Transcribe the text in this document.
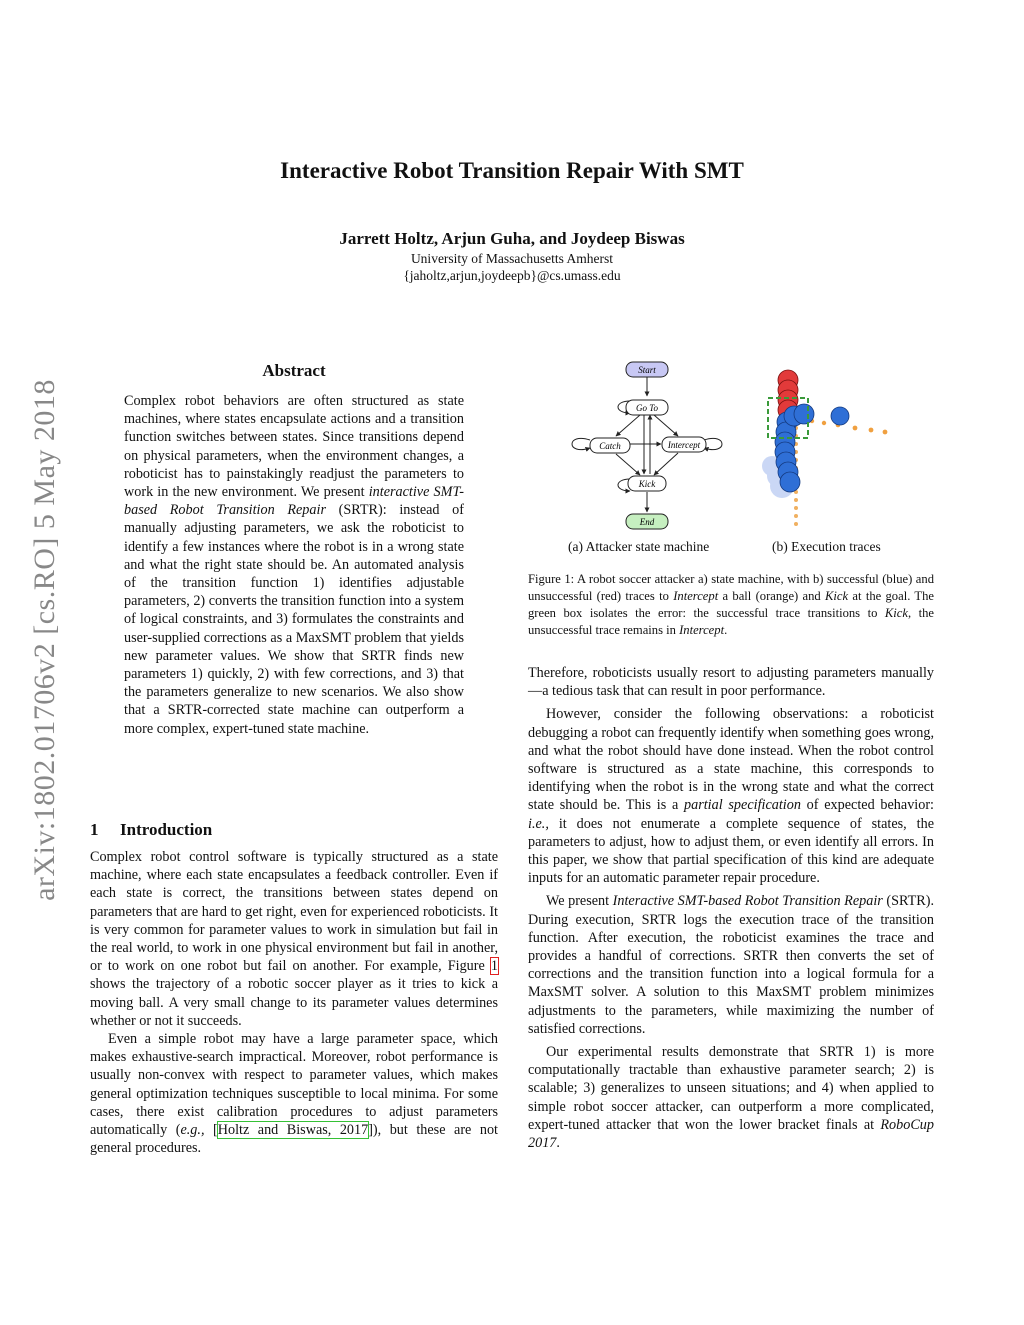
arXiv:1802.01706v2 [cs.RO] 5 May 2018
Interactive Robot Transition Repair With SMT
Jarrett Holtz, Arjun Guha, and Joydeep Biswas
University of Massachusetts Amherst
{jaholtz,arjun,joydeepb}@cs.umass.edu
Abstract
Complex robot behaviors are often structured as state machines, where states encapsulate actions and a transition function switches between states. Since transitions depend on physical parameters, when the environment changes, a roboticist has to painstakingly readjust the parameters to work in the new environment. We present interactive SMT-based Robot Transition Repair (SRTR): instead of manually adjusting parameters, we ask the roboticist to identify a few instances where the robot is in a wrong state and what the right state should be. An automated analysis of the transition function 1) identifies adjustable parameters, 2) converts the transition function into a system of logical constraints, and 3) formulates the constraints and user-supplied corrections as a MaxSMT problem that yields new parameter values. We show that SRTR finds new parameters 1) quickly, 2) with few corrections, and 3) that the parameters generalize to new scenarios. We also show that a SRTR-corrected state machine can outperform a more complex, expert-tuned state machine.
1 Introduction

Complex robot control software is typically structured as a state machine, where each state encapsulates a feedback controller. Even if each state is correct, the transitions between states depend on parameters that are hard to get right, even for experienced roboticists. It is very common for parameter values to work in simulation but fail in the real world, to work in one physical environment but fail in another, or to work on one robot but fail on another. For example, Figure 1 shows the trajectory of a robotic soccer player as it tries to kick a moving ball. A very small change to its parameter values determines whether or not it succeeds.

Even a simple robot may have a large parameter space, which makes exhaustive-search impractical. Moreover, robot performance is usually non-convex with respect to parameter values, which makes general optimization techniques susceptible to local minima. For some cases, there exist calibration procedures to adjust parameters automatically (e.g., [Holtz and Biswas, 2017]), but these are not general procedures.

Start
Go To
Catch	Intercept
Kick
End
(a) Attacker state machine	(b) Execution traces
Figure 1: A robot soccer attacker a) state machine, with b) successful (blue) and unsuccessful (red) traces to Intercept a ball (orange) and Kick at the goal. The green box isolates the error: the successful trace transitions to Kick, the unsuccessful trace remains in Intercept.

Therefore, roboticists usually resort to adjusting parameters manually—a tedious task that can result in poor performance.

However, consider the following observations: a roboticist debugging a robot can frequently identify when something goes wrong, and what the robot should have done instead. When the robot control software is structured as a state machine, this corresponds to identifying when the robot is in the wrong state and what the correct state should be. This is a partial specification of expected behavior: i.e., it does not enumerate a complete sequence of states, the parameters to adjust, how to adjust them, or even identify all errors. In this paper, we show that partial specification of this kind are adequate inputs for an automatic parameter repair procedure.

We present Interactive SMT-based Robot Transition Repair (SRTR). During execution, SRTR logs the execution trace of the transition function. After execution, the roboticist examines the trace and provides a handful of corrections. SRTR then converts the set of corrections and the transition function into a logical formula for a MaxSMT solver. A solution to this MaxSMT problem minimizes adjustments to the parameters, while maximizing the number of satisfied corrections.

Our experimental results demonstrate that SRTR 1) is more computationally tractable than exhaustive parameter search; 2) is scalable; 3) generalizes to unseen situations; and 4) when applied to simple robot soccer attacker, can outperform a more complicated, expert-tuned attacker that won the lower bracket finals at RoboCup 2017.
